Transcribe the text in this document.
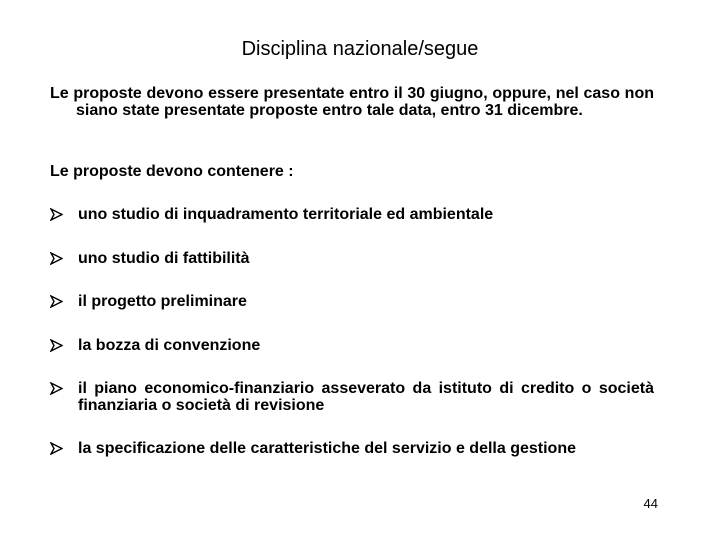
Disciplina nazionale/segue
Le proposte devono essere presentate entro il 30 giugno, oppure, nel caso non siano state presentate proposte entro tale data, entro 31 dicembre.
Le proposte devono contenere :
uno studio di inquadramento territoriale ed ambientale
uno studio di fattibilità
il progetto preliminare
la bozza di convenzione
il piano economico-finanziario asseverato da istituto di credito o società finanziaria o società di revisione
la specificazione delle caratteristiche del servizio e della gestione
44
